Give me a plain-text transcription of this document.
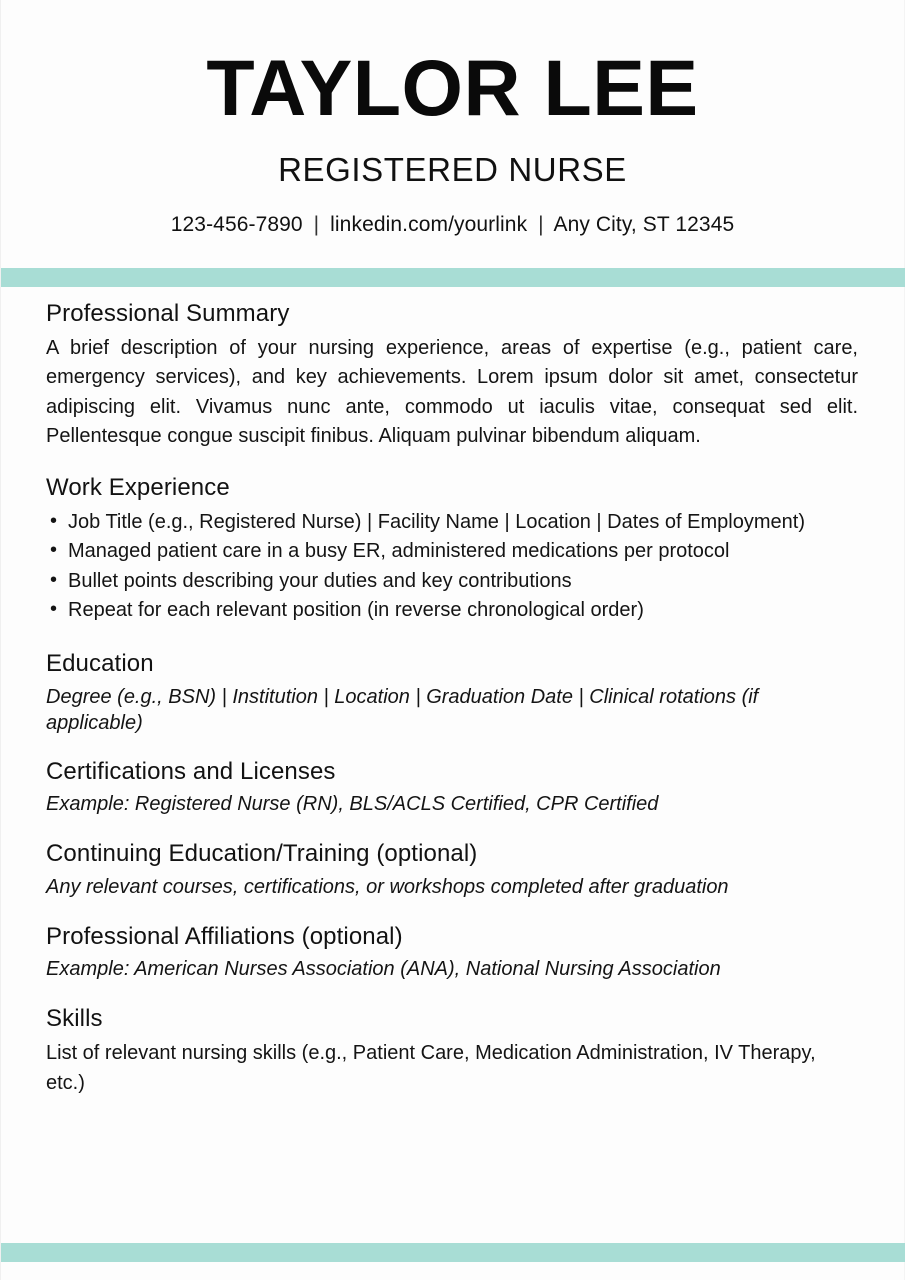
TAYLOR LEE
REGISTERED NURSE
123-456-7890 | linkedin.com/yourlink | Any City, ST 12345
Professional Summary

A brief description of your nursing experience, areas of expertise (e.g., patient care, emergency services), and key achievements. Lorem ipsum dolor sit amet, consectetur adipiscing elit. Vivamus nunc ante, commodo ut iaculis vitae, consequat sed elit. Pellentesque congue suscipit finibus. Aliquam pulvinar bibendum aliquam.

Work Experience
• Job Title (e.g., Registered Nurse) | Facility Name | Location | Dates of Employment)
• Managed patient care in a busy ER, administered medications per protocol
• Bullet points describing your duties and key contributions
• Repeat for each relevant position (in reverse chronological order)
Education

Degree (e.g., BSN) | Institution | Location | Graduation Date | Clinical rotations (if applicable)

Certifications and Licenses

Example: Registered Nurse (RN), BLS/ACLS Certified, CPR Certified

Continuing Education/Training (optional)

Any relevant courses, certifications, or workshops completed after graduation

Professional Affiliations (optional)

Example: American Nurses Association (ANA), National Nursing Association

Skills

List of relevant nursing skills (e.g., Patient Care, Medication Administration, IV Therapy, etc.)
